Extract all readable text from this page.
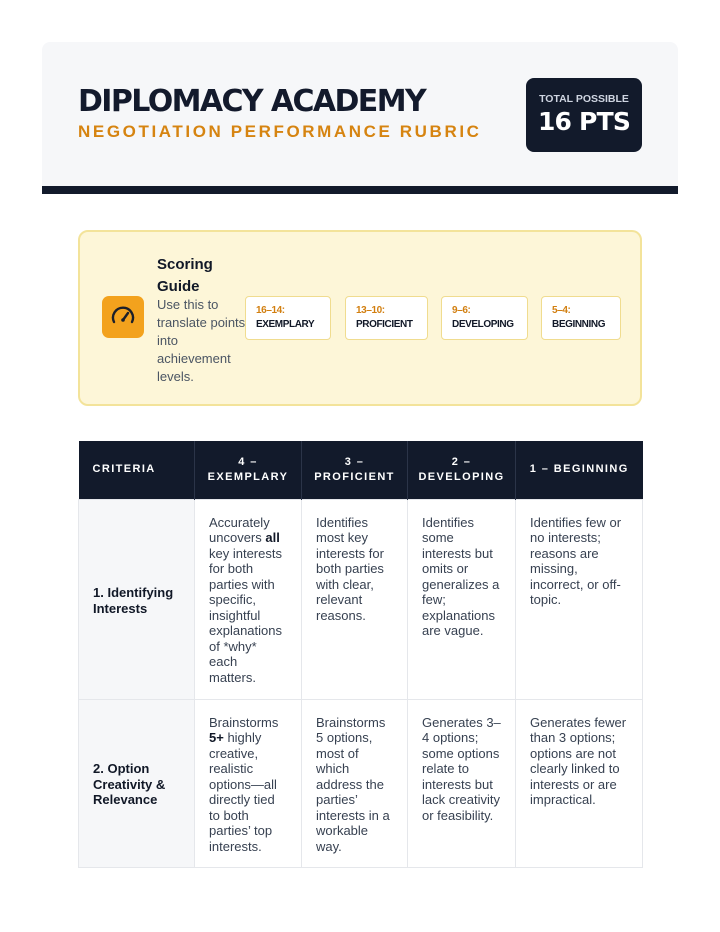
DIPLOMACY ACADEMY
NEGOTIATION PERFORMANCE RUBRIC
TOTAL POSSIBLE
16 PTS
Scoring Guide
Use this to translate points into achievement levels.
16–14:
EXEMPLARY
13–10:
PROFICIENT
9–6:
DEVELOPING
5–4:
BEGINNING
CRITERIA	4 – EXEMPLARY	3 – PROFICIENT	2 – DEVELOPING	1 – BEGINNING
1. Identifying Interests	Accurately uncovers all key interests for both parties with specific, insightful explanations of *why* each matters.	Identifies most key interests for both parties with clear, relevant reasons.	Identifies some interests but omits or generalizes a few; explanations are vague.	Identifies few or no interests; reasons are missing, incorrect, or off-topic.
2. Option Creativity & Relevance	Brainstorms 5+ highly creative, realistic options—all directly tied to both parties’ top interests.	Brainstorms 5 options, most of which address the parties’ interests in a workable way.	Generates 3–4 options; some options relate to interests but lack creativity or feasibility.	Generates fewer than 3 options; options are not clearly linked to interests or are impractical.
